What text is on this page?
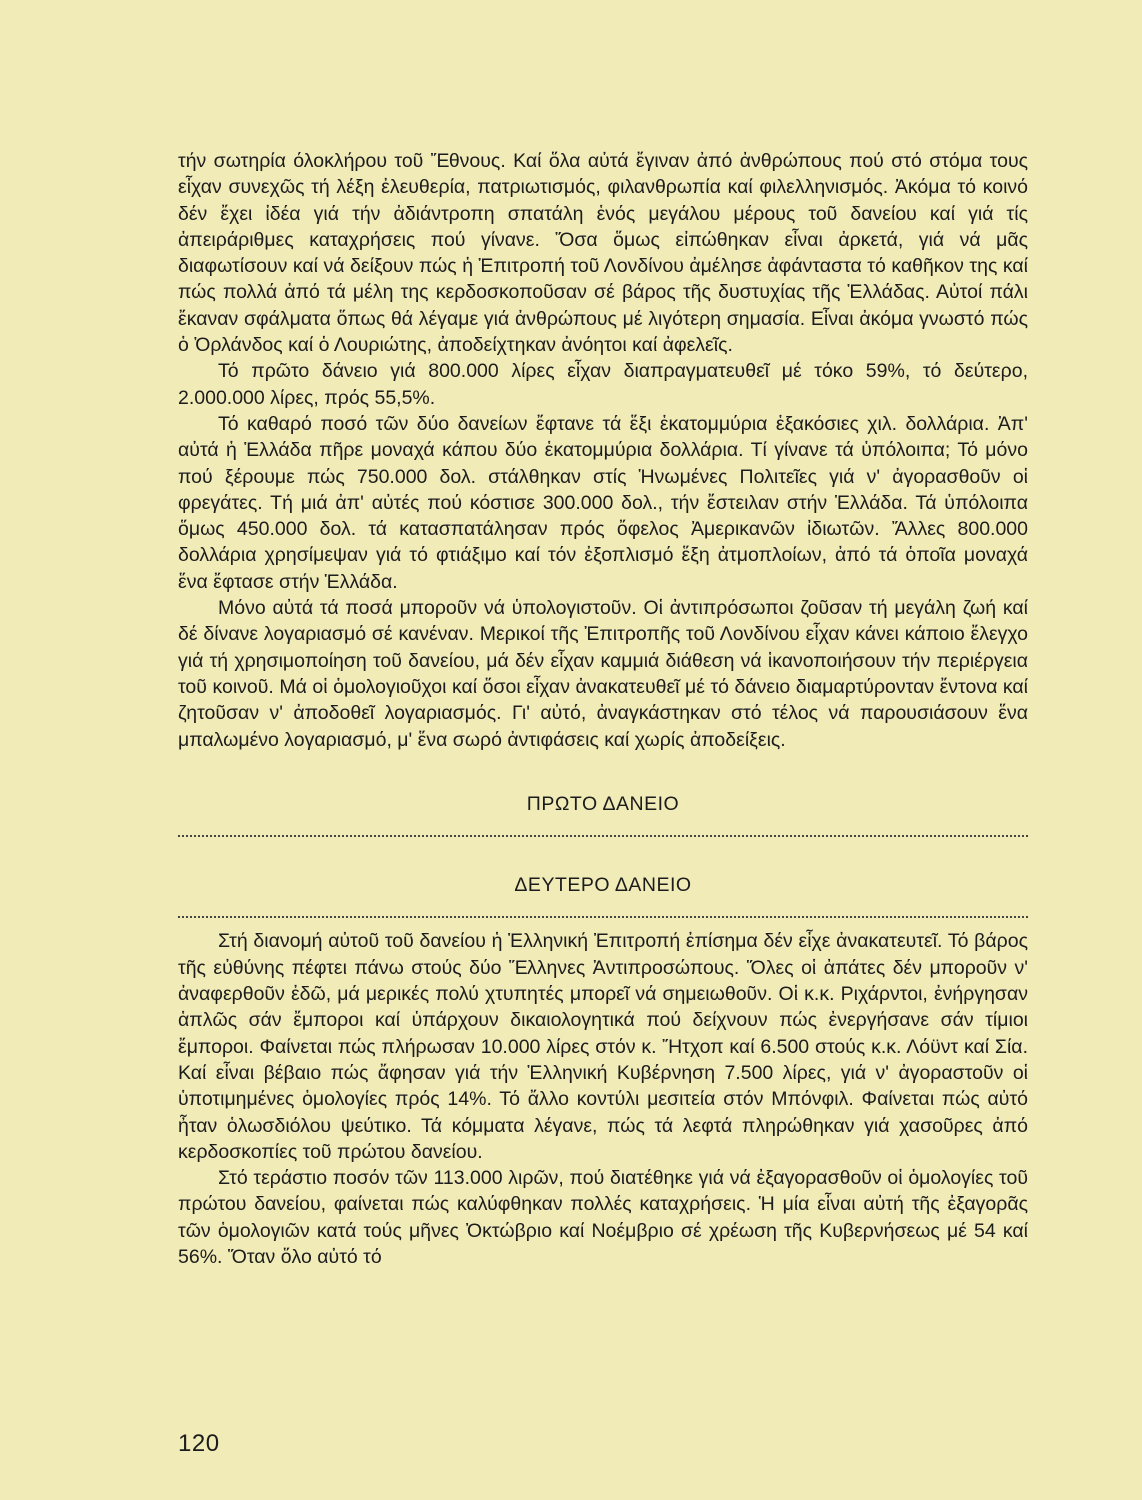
τήν σωτηρία όλοκλήρου τοῦ Ἔθνους. Καί ὅλα αὐτά ἔγιναν ἀπό ἀνθρώπους πού στό στόμα τους εἶχαν συνεχῶς τή λέξη ἐλευθερία, πατριωτισμός, φιλανθρωπία καί φιλελληνισμός. Ἀκόμα τό κοινό δέν ἔχει ἰδέα γιά τήν ἀδιάντροπη σπατάλη ἑνός μεγάλου μέρους τοῦ δανείου καί γιά τίς ἀπειράριθμες καταχρήσεις πού γίνανε. Ὅσα ὅμως εἰπώθηκαν εἶναι ἀρκετά, γιά νά μᾶς διαφωτίσουν καί νά δείξουν πώς ἡ Ἐπιτροπή τοῦ Λονδίνου ἀμέλησε ἀφάνταστα τό καθῆκον της καί πώς πολλά ἀπό τά μέλη της κερδοσκοποῦσαν σέ βάρος τῆς δυστυχίας τῆς Ἑλλάδας. Αὐτοί πάλι ἔκαναν σφάλματα ὅπως θά λέγαμε γιά ἀνθρώπους μέ λιγότερη σημασία. Εἶναι ἀκόμα γνωστό πώς ὁ Ὀρλάνδος καί ὁ Λουριώτης, ἀποδείχτηκαν ἀνόητοι καί ἀφελεῖς.

Τό πρῶτο δάνειο γιά 800.000 λίρες εἶχαν διαπραγματευθεῖ μέ τόκο 59%, τό δεύτερο, 2.000.000 λίρες, πρός 55,5%.

Τό καθαρό ποσό τῶν δύο δανείων ἔφτανε τά ἕξι ἑκατομμύρια ἑξακόσιες χιλ. δολλάρια. Ἀπ' αὐτά ἡ Ἑλλάδα πῆρε μοναχά κάπου δύο ἑκατομμύρια δολλάρια. Τί γίνανε τά ὑπόλοιπα; Τό μόνο πού ξέρουμε πώς 750.000 δολ. στάλθηκαν στίς Ἡνωμένες Πολιτεῖες γιά ν' ἀγορασθοῦν οἱ φρεγάτες. Τή μιά ἀπ' αὐτές πού κόστισε 300.000 δολ., τήν ἔστειλαν στήν Ἑλλάδα. Τά ὑπόλοιπα ὅμως 450.000 δολ. τά κατασπατάλησαν πρός ὄφελος Ἀμερικανῶν ἰδιωτῶν. Ἄλλες 800.000 δολλάρια χρησίμεψαν γιά τό φτιάξιμο καί τόν ἐξοπλισμό ἕξη ἀτμοπλοίων, ἀπό τά ὁποῖα μοναχά ἕνα ἔφτασε στήν Ἑλλάδα.

Μόνο αὐτά τά ποσά μποροῦν νά ὑπολογιστοῦν. Οἱ ἀντιπρόσωποι ζοῦσαν τή μεγάλη ζωή καί δέ δίνανε λογαριασμό σέ κανέναν. Μερικοί τῆς Ἐπιτροπῆς τοῦ Λονδίνου εἶχαν κάνει κάποιο ἔλεγχο γιά τή χρησιμοποίηση τοῦ δανείου, μά δέν εἶχαν καμμιά διάθεση νά ἱκανοποιήσουν τήν περιέργεια τοῦ κοινοῦ. Μά οἱ ὁμολογιοῦχοι καί ὅσοι εἶχαν ἀνακατευθεῖ μέ τό δάνειο διαμαρτύρονταν ἔντονα καί ζητοῦσαν ν' ἀποδοθεῖ λογαριασμός. Γι' αὐτό, ἀναγκάστηκαν στό τέλος νά παρουσιάσουν ἕνα μπαλωμένο λογαριασμό, μ' ἕνα σωρό ἀντιφάσεις καί χωρίς ἀποδείξεις.

ΠΡΩΤΟ ΔΑΝΕΙΟ
ΔΕΥΤΕΡΟ ΔΑΝΕΙΟ

Στή διανομή αὐτοῦ τοῦ δανείου ἡ Ἑλληνική Ἐπιτροπή ἐπίσημα δέν εἶχε ἀνακατευτεῖ. Τό βάρος τῆς εὐθύνης πέφτει πάνω στούς δύο Ἕλληνες Ἀντιπροσώπους. Ὅλες οἱ ἀπάτες δέν μποροῦν ν' ἀναφερθοῦν ἐδῶ, μά μερικές πολύ χτυπητές μπορεῖ νά σημειωθοῦν. Οἱ κ.κ. Ριχάρντοι, ἐνήργησαν ἁπλῶς σάν ἔμποροι καί ὑπάρχουν δικαιολογητικά πού δείχνουν πώς ἐνεργήσανε σάν τίμιοι ἔμποροι. Φαίνεται πώς πλήρωσαν 10.000 λίρες στόν κ. Ἤτχοπ καί 6.500 στούς κ.κ. Λόϋντ καί Σία. Καί εἶναι βέβαιο πώς ἄφησαν γιά τήν Ἑλληνική Κυβέρνηση 7.500 λίρες, γιά ν' ἀγοραστοῦν οἱ ὑποτιμημένες ὁμολογίες πρός 14%. Τό ἄλλο κοντύλι μεσιτεία στόν Μπόνφιλ. Φαίνεται πώς αὐτό ἦταν ὁλωσδιόλου ψεύτικο. Τά κόμματα λέγανε, πώς τά λεφτά πληρώθηκαν γιά χασοῦρες ἀπό κερδοσκοπίες τοῦ πρώτου δανείου.

Στό τεράστιο ποσόν τῶν 113.000 λιρῶν, πού διατέθηκε γιά νά ἐξαγορασθοῦν οἱ ὁμολογίες τοῦ πρώτου δανείου, φαίνεται πώς καλύφθηκαν πολλές καταχρήσεις. Ἡ μία εἶναι αὐτή τῆς ἐξαγορᾶς τῶν ὁμολογιῶν κατά τούς μῆνες Ὀκτώβριο καί Νοέμβριο σέ χρέωση τῆς Κυβερνήσεως μέ 54 καί 56%. Ὅταν ὅλο αὐτό τό

120
